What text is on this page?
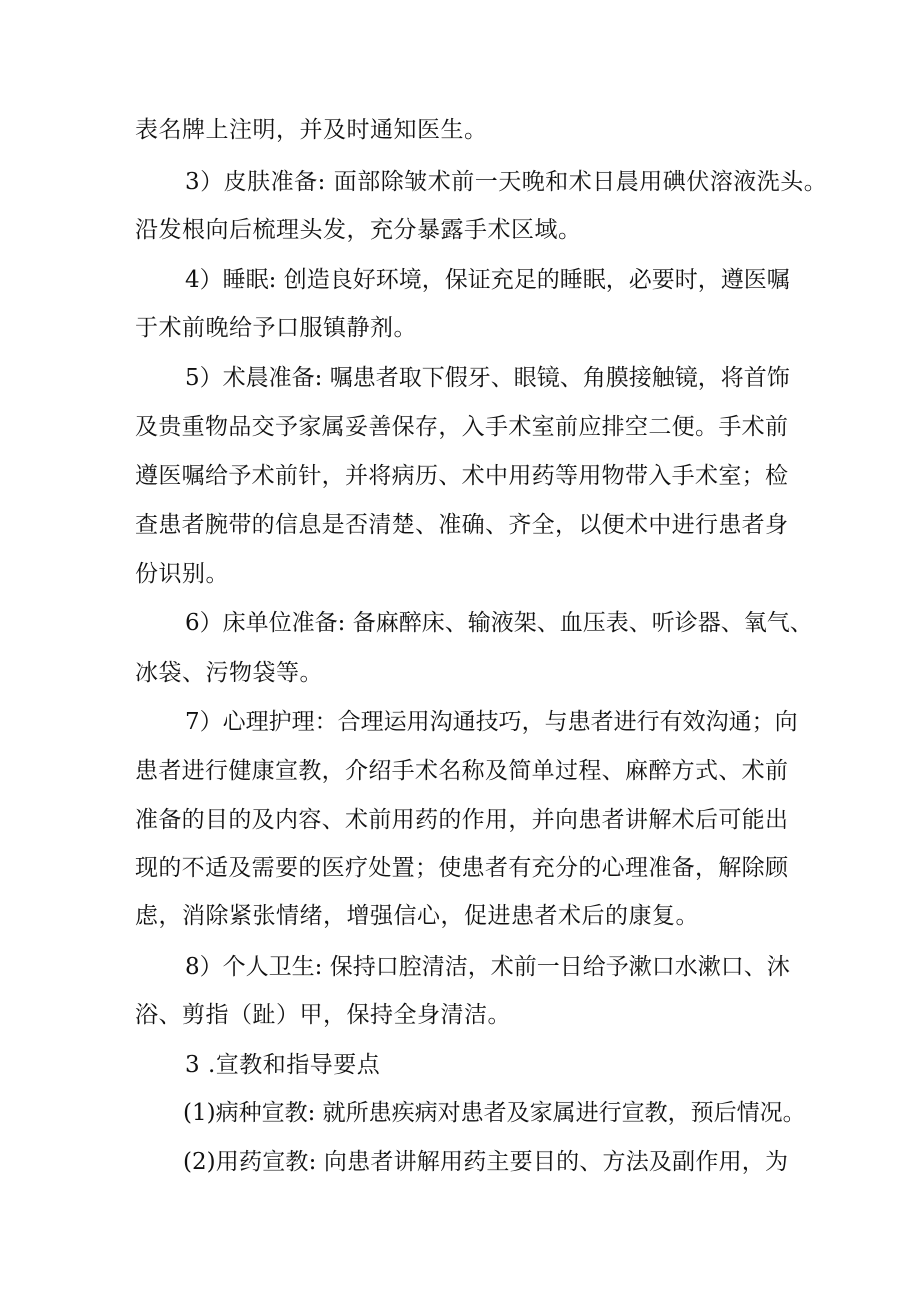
表名牌上注明，并及时通知医生。
3）皮肤准备: 面部除皱术前一天晚和术日晨用碘伏溶液洗头。
沿发根向后梳理头发，充分暴露手术区域。
4）睡眠: 创造良好环境，保证充足的睡眠，必要时，遵医嘱
于术前晚给予口服镇静剂。
5）术晨准备: 嘱患者取下假牙、眼镜、角膜接触镜，将首饰
及贵重物品交予家属妥善保存，入手术室前应排空二便。手术前
遵医嘱给予术前针，并将病历、术中用药等用物带入手术室；检
查患者腕带的信息是否清楚、准确、齐全，以便术中进行患者身
份识别。
6）床单位准备: 备麻醉床、输液架、血压表、听诊器、氧气、
冰袋、污物袋等。
7）心理护理：合理运用沟通技巧，与患者进行有效沟通；向
患者进行健康宣教，介绍手术名称及简单过程、麻醉方式、术前
准备的目的及内容、术前用药的作用，并向患者讲解术后可能出
现的不适及需要的医疗处置；使患者有充分的心理准备，解除顾
虑，消除紧张情绪，增强信心，促进患者术后的康复。
8）个人卫生: 保持口腔清洁，术前一日给予漱口水漱口、沐
浴、剪指（趾）甲，保持全身清洁。
3 .宣教和指导要点
(1)病种宣教: 就所患疾病对患者及家属进行宣教，预后情况。
(2)用药宣教: 向患者讲解用药主要目的、方法及副作用，为
